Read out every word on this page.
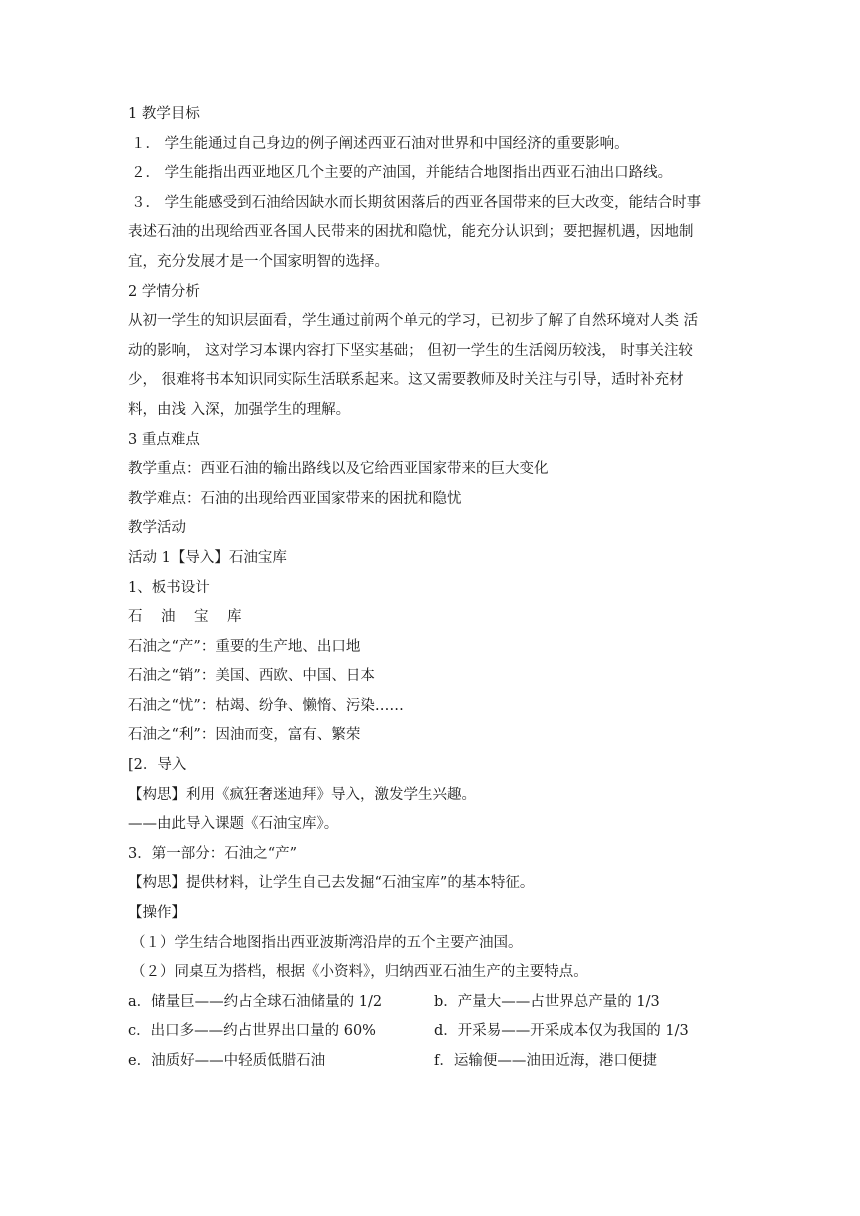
1 教学目标
１． 学生能通过自己身边的例子阐述西亚石油对世界和中国经济的重要影响。
２． 学生能指出西亚地区几个主要的产油国，并能结合地图指出西亚石油出口路线。
３． 学生能感受到石油给因缺水而长期贫困落后的西亚各国带来的巨大改变，能结合时事
表述石油的出现给西亚各国人民带来的困扰和隐忧，能充分认识到；要把握机遇，因地制
宜，充分发展才是一个国家明智的选择。
2 学情分析
从初一学生的知识层面看，学生通过前两个单元的学习，已初步了解了自然环境对人类 活
动的影响， 这对学习本课内容打下坚实基础； 但初一学生的生活阅历较浅， 时事关注较
少， 很难将书本知识同实际生活联系起来。这又需要教师及时关注与引导，适时补充材
料，由浅 入深，加强学生的理解。
3 重点难点
教学重点：西亚石油的输出路线以及它给西亚国家带来的巨大变化
教学难点：石油的出现给西亚国家带来的困扰和隐忧
教学活动
活动 1【导入】石油宝库
1、板书设计
石 油 宝 库
石油之“产”：重要的生产地、出口地
石油之“销”：美国、西欧、中国、日本
石油之“忧”：枯竭、纷争、懒惰、污染……
石油之“利”：因油而变，富有、繁荣
[2．导入
【构思】利用《疯狂奢迷迪拜》导入，激发学生兴趣。
——由此导入课题《石油宝库》。
3．第一部分：石油之“产”
【构思】提供材料，让学生自己去发掘“石油宝库”的基本特征。
【操作】
（１）学生结合地图指出西亚波斯湾沿岸的五个主要产油国。
（２）同桌互为搭档，根据《小资料》，归纳西亚石油生产的主要特点。
a．储量巨——约占全球石油储量的 1/2	b．产量大——占世界总产量的 1/3
c．出口多——约占世界出口量的 60%	d．开采易——开采成本仅为我国的 1/3
e．油质好——中轻质低腊石油	f．运输便——油田近海，港口便捷
